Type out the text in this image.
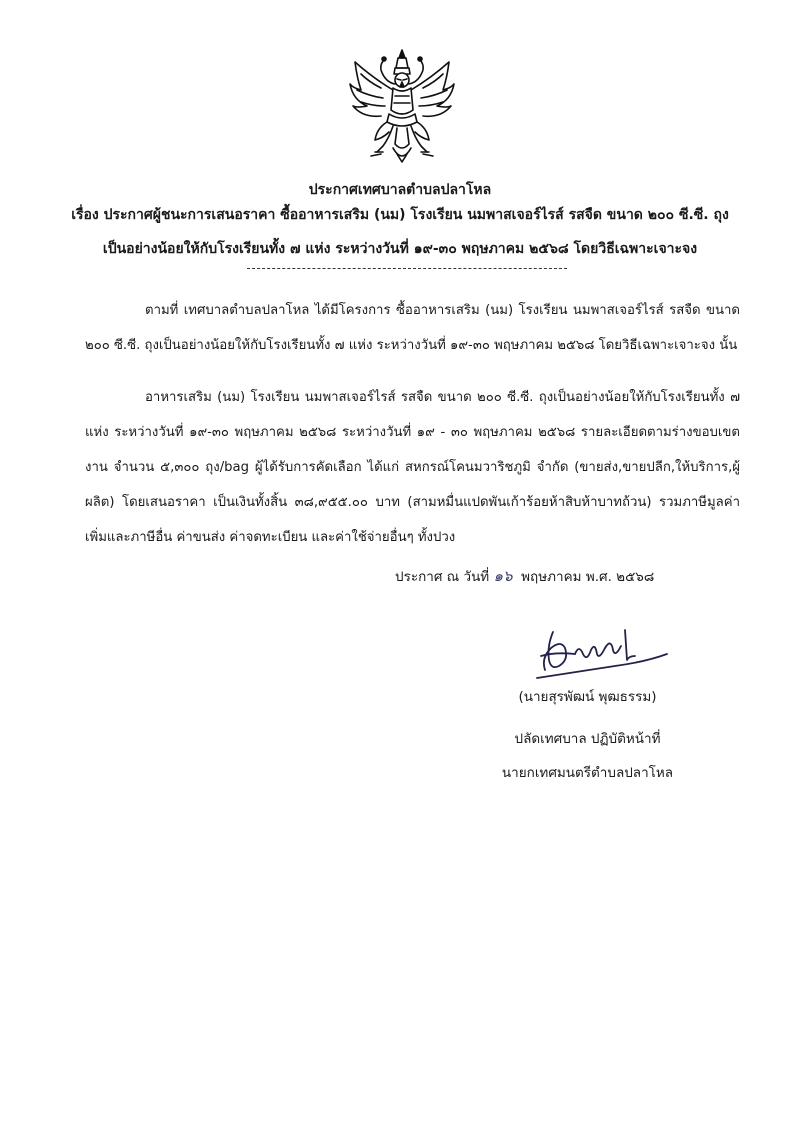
ประกาศเทศบาลตำบลปลาโหล
เรื่อง ประกาศผู้ชนะการเสนอราคา ซื้ออาหารเสริม (นม) โรงเรียน นมพาสเจอร์ไรส์ รสจืด ขนาด ๒๐๐ ซี.ซี. ถุง
เป็นอย่างน้อยให้กับโรงเรียนทั้ง ๗ แห่ง ระหว่างวันที่ ๑๙-๓๐ พฤษภาคม ๒๕๖๘ โดยวิธีเฉพาะเจาะจง
ตามที่ เทศบาลตำบลปลาโหล ได้มีโครงการ ซื้ออาหารเสริม (นม) โรงเรียน นมพาสเจอร์ไรส์ รสจืด ขนาด ๒๐๐ ซี.ซี. ถุงเป็นอย่างน้อยให้กับโรงเรียนทั้ง ๗ แห่ง ระหว่างวันที่ ๑๙-๓๐ พฤษภาคม ๒๕๖๘ โดยวิธีเฉพาะเจาะจง นั้น
อาหารเสริม (นม) โรงเรียน นมพาสเจอร์ไรส์ รสจืด ขนาด ๒๐๐ ซี.ซี. ถุงเป็นอย่างน้อยให้กับโรงเรียนทั้ง ๗ แห่ง ระหว่างวันที่ ๑๙-๓๐ พฤษภาคม ๒๕๖๘ ระหว่างวันที่ ๑๙ - ๓๐ พฤษภาคม ๒๕๖๘ รายละเอียดตามร่างขอบเขตงาน จำนวน ๕,๓๐๐ ถุง/bag ผู้ได้รับการคัดเลือก ได้แก่ สหกรณ์โคนมวาริชภูมิ จำกัด (ขายส่ง,ขายปลีก,ให้บริการ,ผู้ผลิต) โดยเสนอราคา เป็นเงินทั้งสิ้น ๓๘,๙๕๕.๐๐ บาท (สามหมื่นแปดพันเก้าร้อยห้าสิบห้าบาทถ้วน) รวมภาษีมูลค่าเพิ่มและภาษีอื่น ค่าขนส่ง ค่าจดทะเบียน และค่าใช้จ่ายอื่นๆ ทั้งปวง
ประกาศ ณ วันที่ ๑๖ พฤษภาคม พ.ศ. ๒๕๖๘
(นายสุรพัฒน์ พุฒธรรม)
ปลัดเทศบาล ปฏิบัติหน้าที่
นายกเทศมนตรีตำบลปลาโหล
